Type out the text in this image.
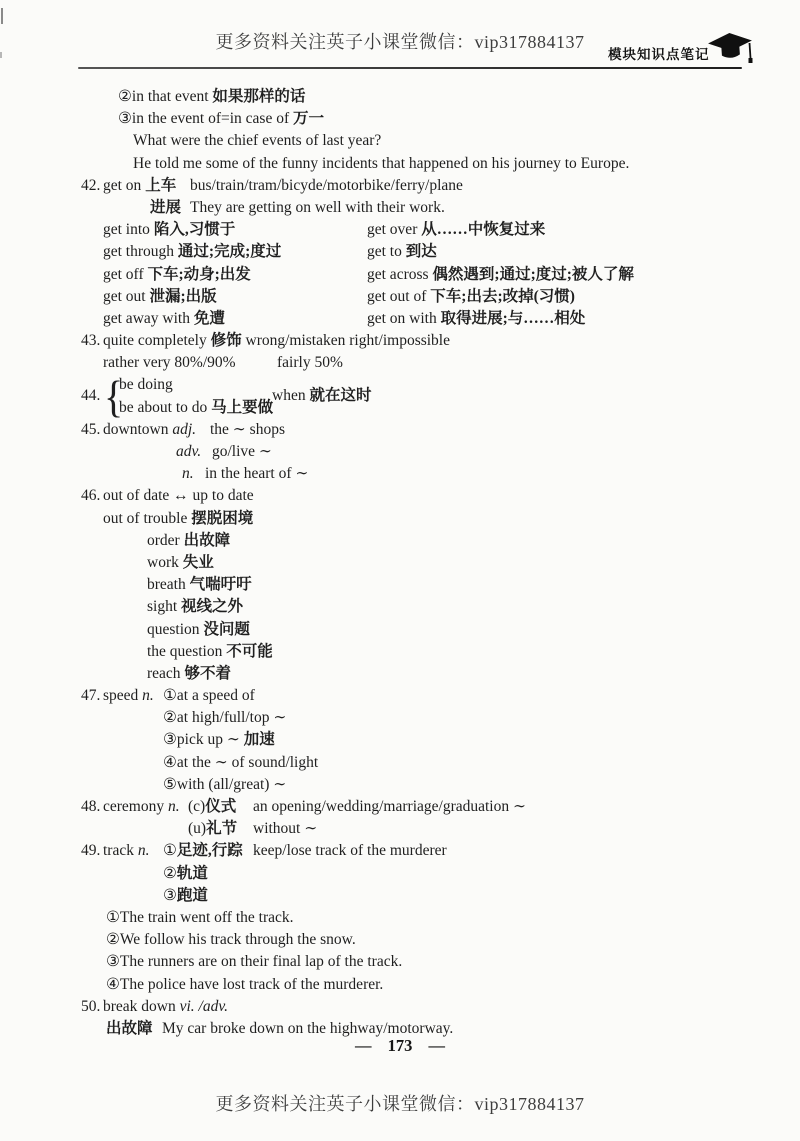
更多资料关注英子小课堂微信：vip317884137
模块知识点笔记
②in that event 如果那样的话
③in the event of=in case of 万一
What were the chief events of last year?
He told me some of the funny incidents that happened on his journey to Europe.
42. get on 上车 bus/train/tram/bicyde/motorbike/ferry/plane
进展 They are getting on well with their work.
get into 陷入,习惯于	get over 从……中恢复过来
get through 通过;完成;度过	get to 到达
get off 下车;动身;出发	get across 偶然遇到;通过;度过;被人了解
get out 泄漏;出版	get out of 下车;出去;改掉(习惯)
get away with 免遭	get on with 取得进展;与……相处
43. quite completely 修饰 wrong/mistaken right/impossible
rather very 80%/90%	fairly 50%
44. {
be doing
be about to do 马上要做
when 就在这时
45. downtown adj. the ∼ shops
adv. go/live ∼
n. in the heart of ∼
46. out of date ↔ up to date
out of trouble 摆脱困境
order 出故障
work 失业
breath 气喘吁吁
sight 视线之外
question 没问题
the question 不可能
reach 够不着
47. speed n. ①at a speed of
②at high/full/top ∼
③pick up ∼ 加速
④at the ∼ of sound/light
⑤with (all/great) ∼
48. ceremony n. (c)仪式 an opening/wedding/marriage/graduation ∼
(u)礼节 without ∼
49. track n. ①足迹,行踪 keep/lose track of the murderer
②轨道
③跑道
①The train went off the track.
②We follow his track through the snow.
③The runners are on their final lap of the track.
④The police have lost track of the murderer.
50. break down vi. /adv.
出故障 My car broke down on the highway/motorway.
— 173 —
更多资料关注英子小课堂微信：vip317884137
